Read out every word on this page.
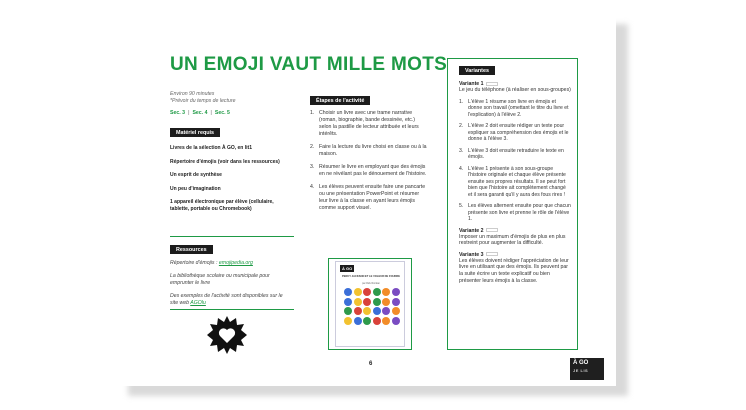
UN EMOJI VAUT MILLE MOTS
Environ 90 minutes
*Prévoir du temps de lecture
Sec. 3 | Sec. 4 | Sec. 5
Matériel requis
Livres de la sélection À GO, en lit1
Répertoire d'émojis (voir dans les ressources)
Un esprit de synthèse
Un peu d'imagination
1 appareil électronique par élève (cellulaire, tablette, portable ou Chromebook)
Ressources

Répertoire d'émojis : emojipedia.org

La bibliothèque scolaire ou municipale pour emprunter le livre

Des exemples de l'activité sont disponibles sur le site web AGOlu

Étapes de l'activité
1. Choisir un livre avec une trame narrative (roman, biographie, bande dessinée, etc.) selon la pastille de lecteur attribuée et leurs intérêts.
2. Faire la lecture du livre choisi en classe ou à la maison.
3. Résumer le livre en employant que des émojis en ne révélant pas le dénouement de l'histoire.
4. Les élèves peuvent ensuite faire une pancarte ou une présentation PowerPoint et résumer leur livre à la classe en ayant leurs émojis comme support visuel.
À GO
PERCY JACKSON ET LE VOLEUR DE FOUDRE
par Rick Riordan
Variantes
Variante 1
Le jeu du téléphone (à réaliser en sous-groupes)
1. L'élève 1 résume son livre en émojis et donne son travail (omettant le titre du livre et l'explication) à l'élève 2.
2. L'élève 2 doit ensuite rédiger un texte pour expliquer sa compréhension des émojis et le donne à l'élève 3.
3. L'élève 3 doit ensuite retraduire le texte en émojis.
4. L'élève 1 présente à son sous-groupe l'histoire originale et chaque élève présente ensuite ses propres résultats. Il se peut fort bien que l'histoire ait complètement changé et il sera garanti qu'il y aura des fous rires !
5. Les élèves alternent ensuite pour que chacun présente son livre et prenne le rôle de l'élève 1.
Variante 2
Imposer un maximum d'émojis de plus en plus restreint pour augmenter la difficulté.
Variante 3
Les élèves doivent rédiger l'appréciation de leur livre en utilisant que des émojis. Ils peuvent par la suite écrire un texte explicatif ou bien présenter leurs émojis à la classe.
6	À GO
JE LIS
